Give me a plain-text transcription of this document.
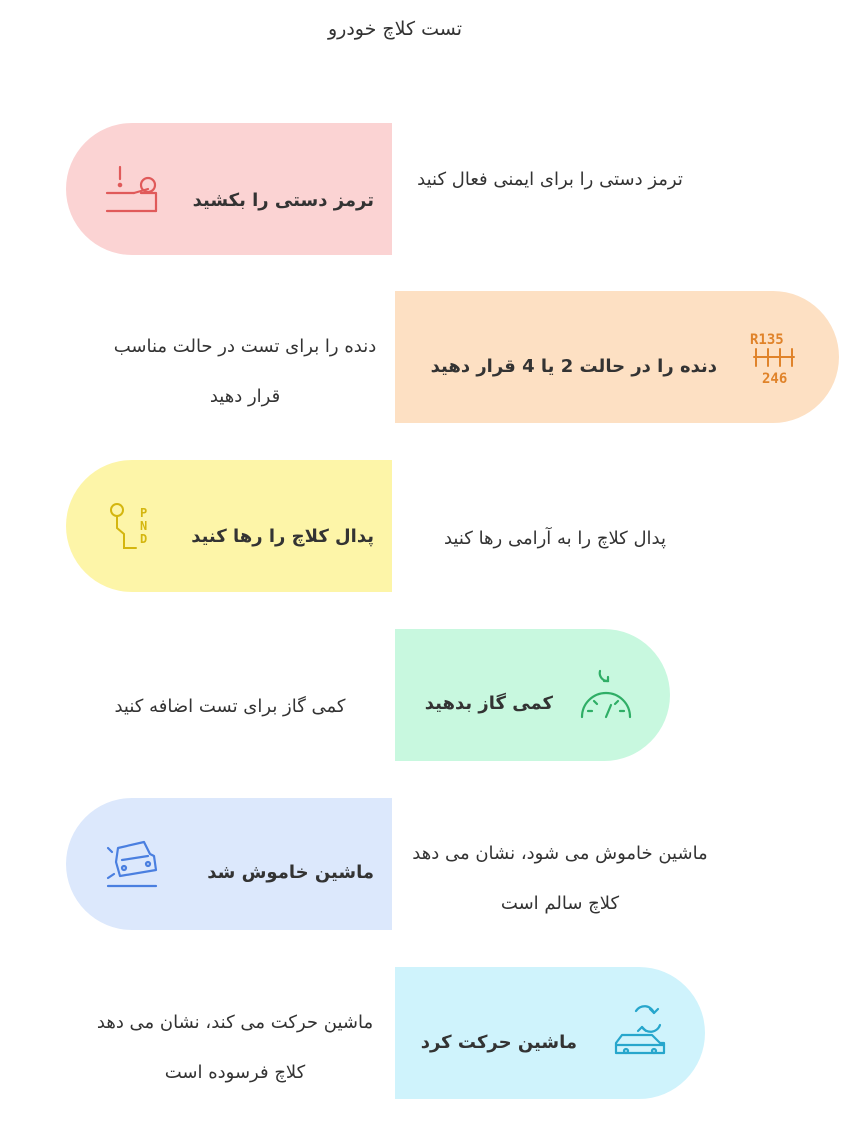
تست کلاچ خودرو
ترمز دستی را بکشید
ترمز دستی را برای ایمنی فعال کنید
R135
246
دنده را در حالت 2 یا 4 قرار دهید
دنده را برای تست در حالت مناسب قرار دهید
P N D پدال کلاچ را رها کنید	پدال کلاچ را به آرامی رها کنید
کمی گاز بدهید
کمی گاز برای تست اضافه کنید
ماشین خاموش شد
ماشین خاموش می شود، نشان می دهد کلاچ سالم است
ماشین حرکت کرد
ماشین حرکت می کند، نشان می دهد کلاچ فرسوده است
